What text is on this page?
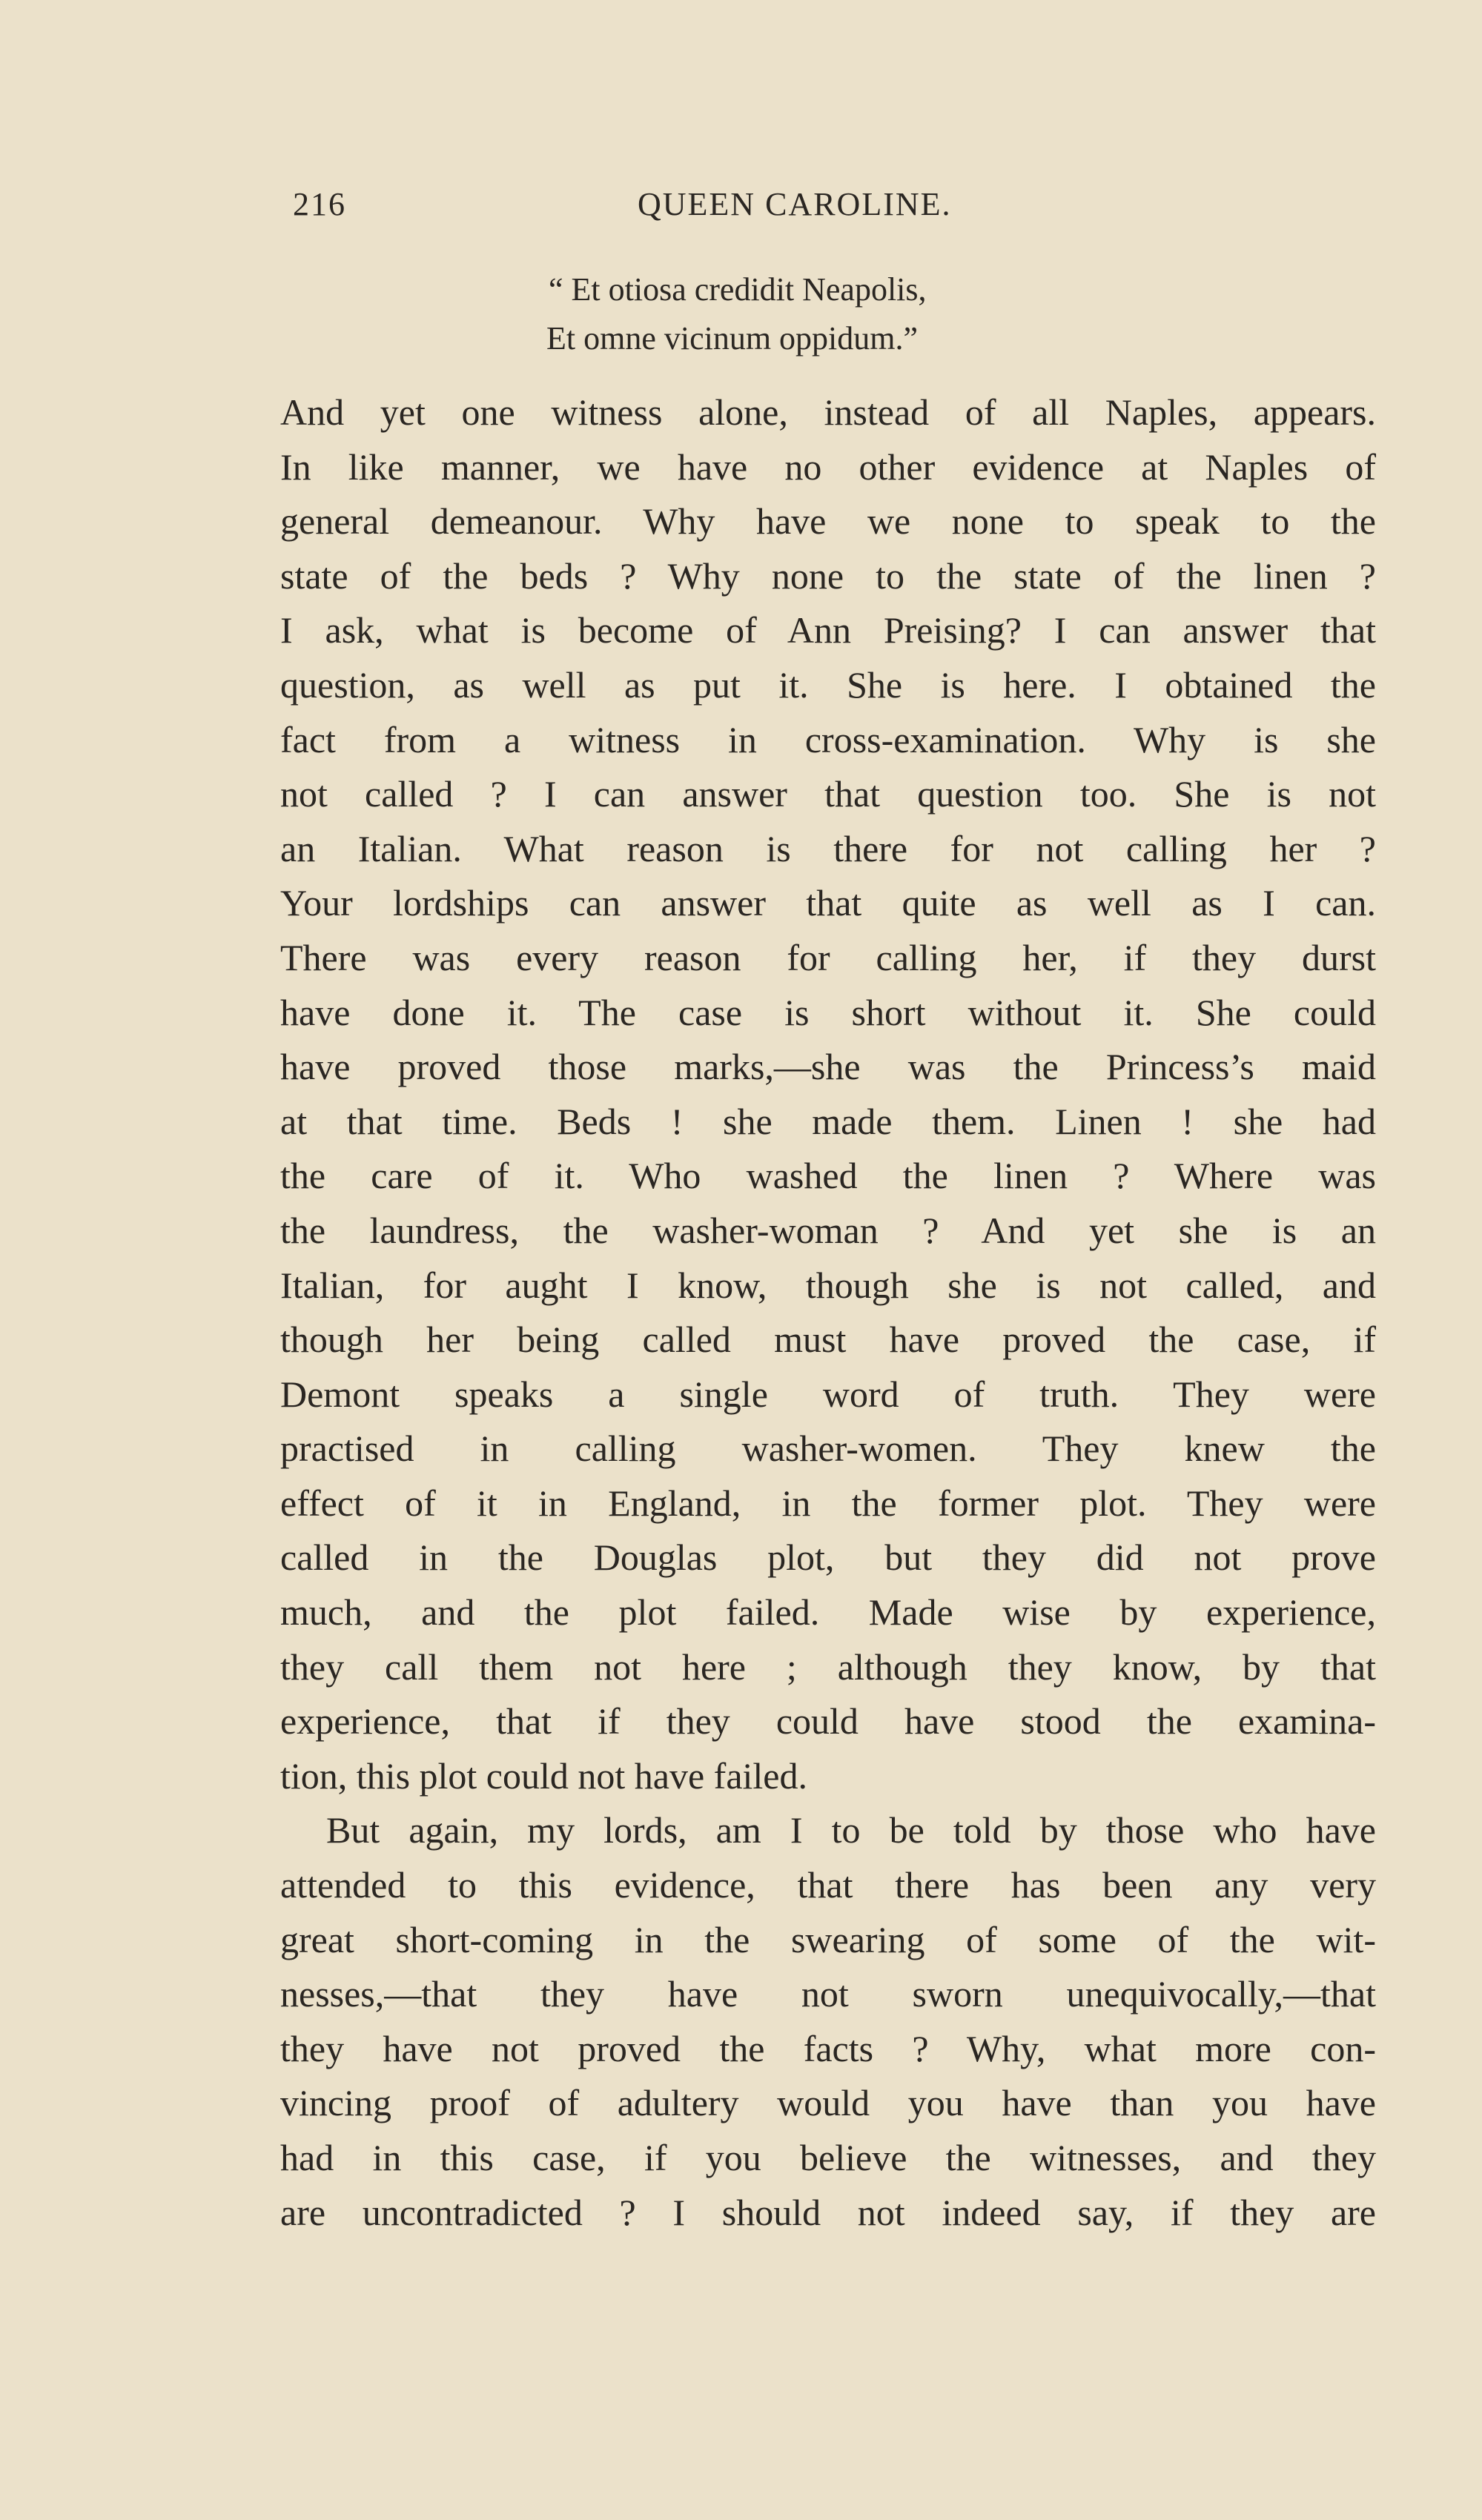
216	QUEEN CAROLINE.
“ Et otiosa credidit Neapolis,
Et omne vicinum oppidum.”
And yet one witness alone, instead of all Naples, appears.
In like manner, we have no other evidence at Naples of
general demeanour. Why have we none to speak to the
state of the beds ? Why none to the state of the linen ?
I ask, what is become of Ann Preising? I can answer that
question, as well as put it. She is here. I obtained the
fact from a witness in cross-examination. Why is she
not called ? I can answer that question too. She is not
an Italian. What reason is there for not calling her ?
Your lordships can answer that quite as well as I can.
There was every reason for calling her, if they durst
have done it. The case is short without it. She could
have proved those marks,—she was the Princess’s maid
at that time. Beds ! she made them. Linen ! she had
the care of it. Who washed the linen ? Where was
the laundress, the washer-woman ? And yet she is an
Italian, for aught I know, though she is not called, and
though her being called must have proved the case, if
Demont speaks a single word of truth. They were
practised in calling washer-women. They knew the
effect of it in England, in the former plot. They were
called in the Douglas plot, but they did not prove
much, and the plot failed. Made wise by experience,
they call them not here ; although they know, by that
experience, that if they could have stood the examina-
tion, this plot could not have failed.
But again, my lords, am I to be told by those who have
attended to this evidence, that there has been any very
great short-coming in the swearing of some of the wit-
nesses,—that they have not sworn unequivocally,—that
they have not proved the facts ? Why, what more con-
vincing proof of adultery would you have than you have
had in this case, if you believe the witnesses, and they
are uncontradicted ? I should not indeed say, if they are
